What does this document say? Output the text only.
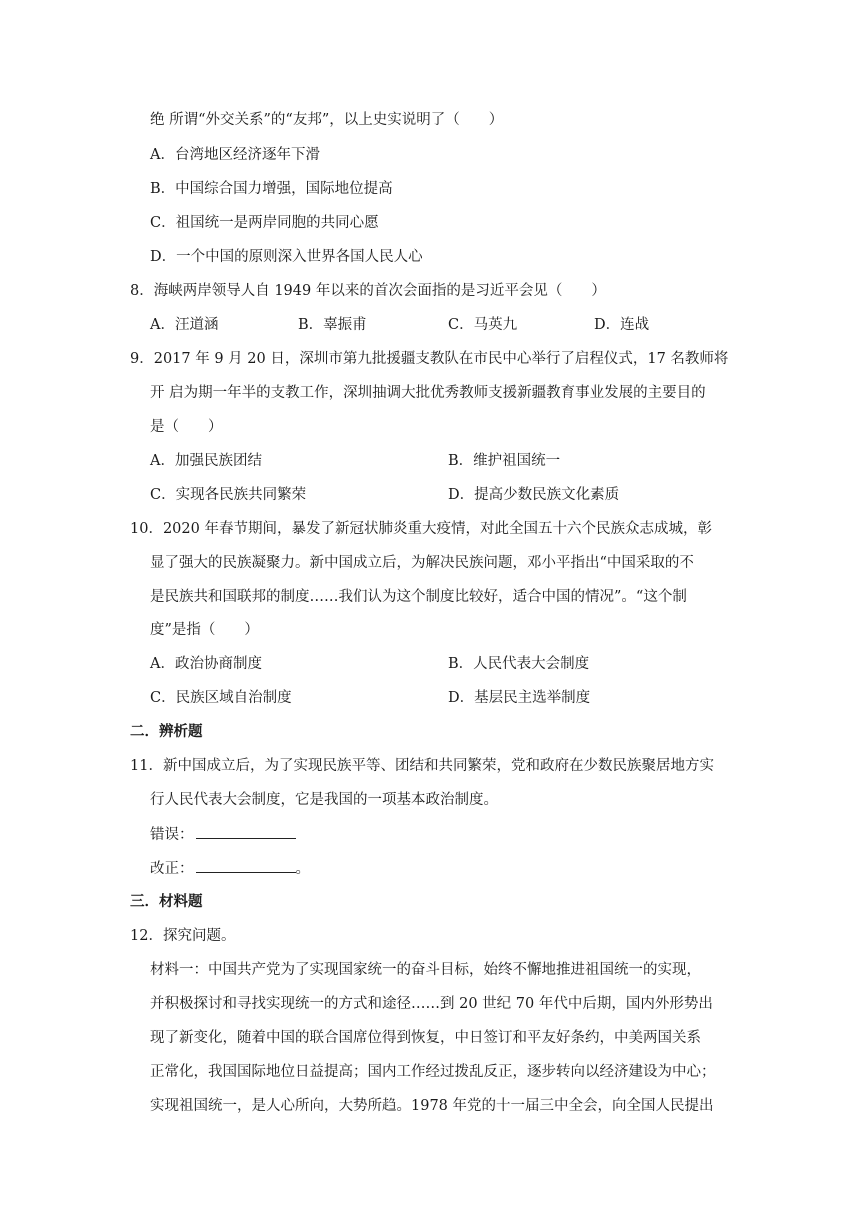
绝 所谓“外交关系”的“友邦”，以上史实说明了（　　）
A．台湾地区经济逐年下滑
B．中国综合国力增强，国际地位提高
C．祖国统一是两岸同胞的共同心愿
D．一个中国的原则深入世界各国人民人心
8．海峡两岸领导人自 1949 年以来的首次会面指的是习近平会见（　　）
A．汪道涵	B．辜振甫	C．马英九	D．连战
9．2017 年 9 月 20 日，深圳市第九批援疆支教队在市民中心举行了启程仪式，17 名教师将
开 启为期一年半的支教工作，深圳抽调大批优秀教师支援新疆教育事业发展的主要目的
是（　　）
A．加强民族团结	B．维护祖国统一
C．实现各民族共同繁荣	D．提高少数民族文化素质
10．2020 年春节期间，暴发了新冠状肺炎重大疫情，对此全国五十六个民族众志成城，彰
显了强大的民族凝聚力。新中国成立后，为解决民族问题，邓小平指出“中国采取的不
是民族共和国联邦的制度……我们认为这个制度比较好，适合中国的情况”。“这个制
度”是指（　　）
A．政治协商制度	B．人民代表大会制度
C．民族区域自治制度	D．基层民主选举制度
二．辨析题
11．新中国成立后，为了实现民族平等、团结和共同繁荣，党和政府在少数民族聚居地方实
行人民代表大会制度，它是我国的一项基本政治制度。
错误：
改正：	。
三．材料题
12．探究问题。
材料一：中国共产党为了实现国家统一的奋斗目标，始终不懈地推进祖国统一的实现，
并积极探讨和寻找实现统一的方式和途径……到 20 世纪 70 年代中后期，国内外形势出
现了新变化，随着中国的联合国席位得到恢复，中日签订和平友好条约，中美两国关系
正常化，我国国际地位日益提高；国内工作经过拨乱反正，逐步转向以经济建设为中心；
实现祖国统一，是人心所向，大势所趋。1978 年党的十一届三中全会，向全国人民提出
